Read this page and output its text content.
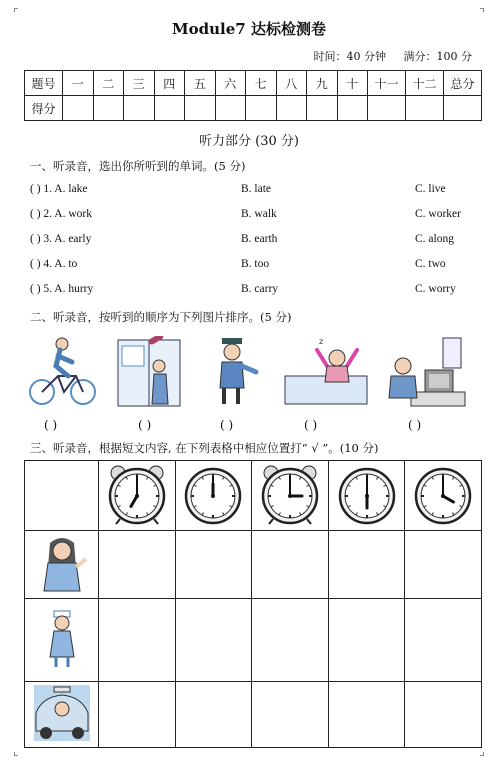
Module7 达标检测卷
时间：40 分钟 满分：100 分
题号	一	二	三	四	五	六	七	八	九	十	十一	十二	总分
得分													
听力部分 (30 分)
一、听录音，选出你所听到的单词。(5 分)
( ) 1. A. lake	B. late	C. live
( ) 2. A. work	B. walk	C. worker
( ) 3. A. early	B. earth	C. along
( ) 4. A. to	B. too	C. two
( ) 5. A. hurry	B. carry	C. worry
二、听录音，按听到的顺序为下列图片排序。(5 分)
z
( )	( )	( )	( )	( )
三、听录音，根据短文内容, 在下列表格中相应位置打“ √ ”。(10 分)
